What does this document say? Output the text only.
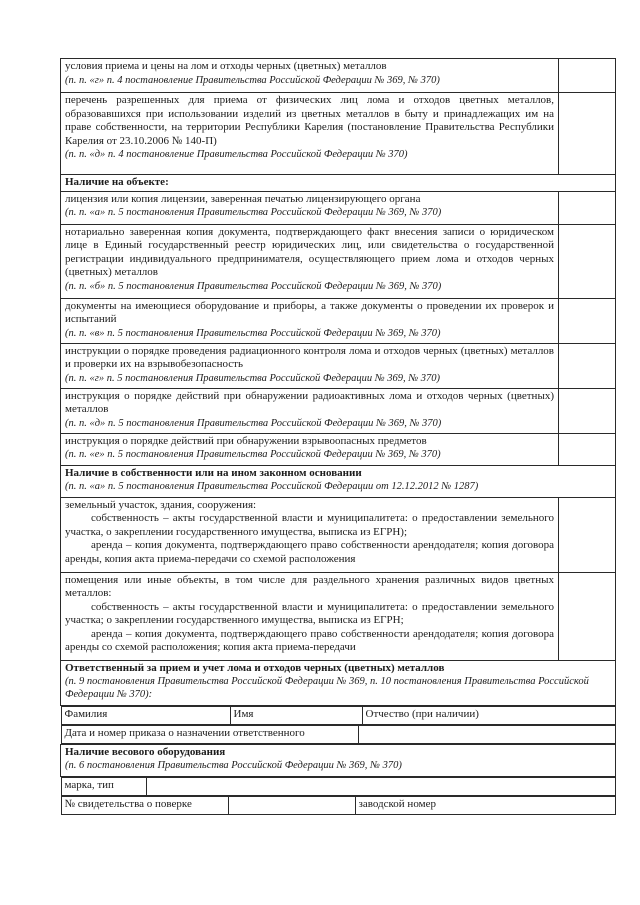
условия приема и цены на лом и отходы черных (цветных) металлов
(п. п. «г» п. 4 постановление Правительства Российской Федерации № 369, № 370)

перечень разрешенных для приема от физических лиц лома и отходов цветных металлов, образовавшихся при использовании изделий из цветных металлов в быту и принадлежащих им на праве собственности, на территории Республики Карелия (постановление Правительства Республики Карелия от 23.10.2006 № 140-П)
(п. п. «д» п. 4 постановление Правительства Российской Федерации № 370)

Наличие на объекте:
лицензия или копия лицензии, заверенная печатью лицензирующего органа
(п. п. «а» п. 5 постановления Правительства Российской Федерации № 369, № 370)

нотариально заверенная копия документа, подтверждающего факт внесения записи о юридическом лице в Единый государственный реестр юридических лиц, или свидетельства о государственной регистрации индивидуального предпринимателя, осуществляющего прием лома и отходов черных (цветных) металлов
(п. п. «б» п. 5 постановления Правительства Российской Федерации № 369, № 370)

документы на имеющиеся оборудование и приборы, а также документы о проведении их проверок и испытаний
(п. п. «в» п. 5 постановления Правительства Российской Федерации № 369, № 370)

инструкции о порядке проведения радиационного контроля лома и отходов черных (цветных) металлов и проверки их на взрывобезопасность
(п. п. «г» п. 5 постановления Правительства Российской Федерации № 369, № 370)

инструкция о порядке действий при обнаружении радиоактивных лома и отходов черных (цветных) металлов
(п. п. «д» п. 5 постановления Правительства Российской Федерации № 369, № 370)

инструкция о порядке действий при обнаружении взрывоопасных предметов
(п. п. «е» п. 5 постановления Правительства Российской Федерации № 369, № 370)

Наличие в собственности или на ином законном основании
(п. п. «а» п. 5 постановления Правительства Российской Федерации от 12.12.2012 № 1287)

земельный участок, здания, сооружения:
собственность – акты государственной власти и муниципалитета: о предоставлении земельного участка, о закреплении государственного имущества, выписка из ЕГРН);
аренда – копия документа, подтверждающего право собственности арендодателя; копия договора аренды, копия акта приема-передачи со схемой расположения

помещения или иные объекты, в том числе для раздельного хранения различных видов цветных металлов:
собственность – акты государственной власти и муниципалитета: о предоставлении земельного участка; о закреплении государственного имущества, выписка из ЕГРН;
аренда – копия документа, подтверждающего право собственности арендодателя; копия договора аренды со схемой расположения; копия акта приема-передачи

Ответственный за прием и учет лома и отходов черных (цветных) металлов
(п. 9 постановления Правительства Российской Федерации № 369, п. 10 постановления Правительства Российской Федерации № 370):

Фамилия	Имя	Отчество (при наличии)

Дата и номер приказа о назначении ответственного	

Наличие весового оборудования
(п. 6 постановления Правительства Российской Федерации № 369, № 370)

марка, тип	

№ свидетельства о поверке		заводской номер
